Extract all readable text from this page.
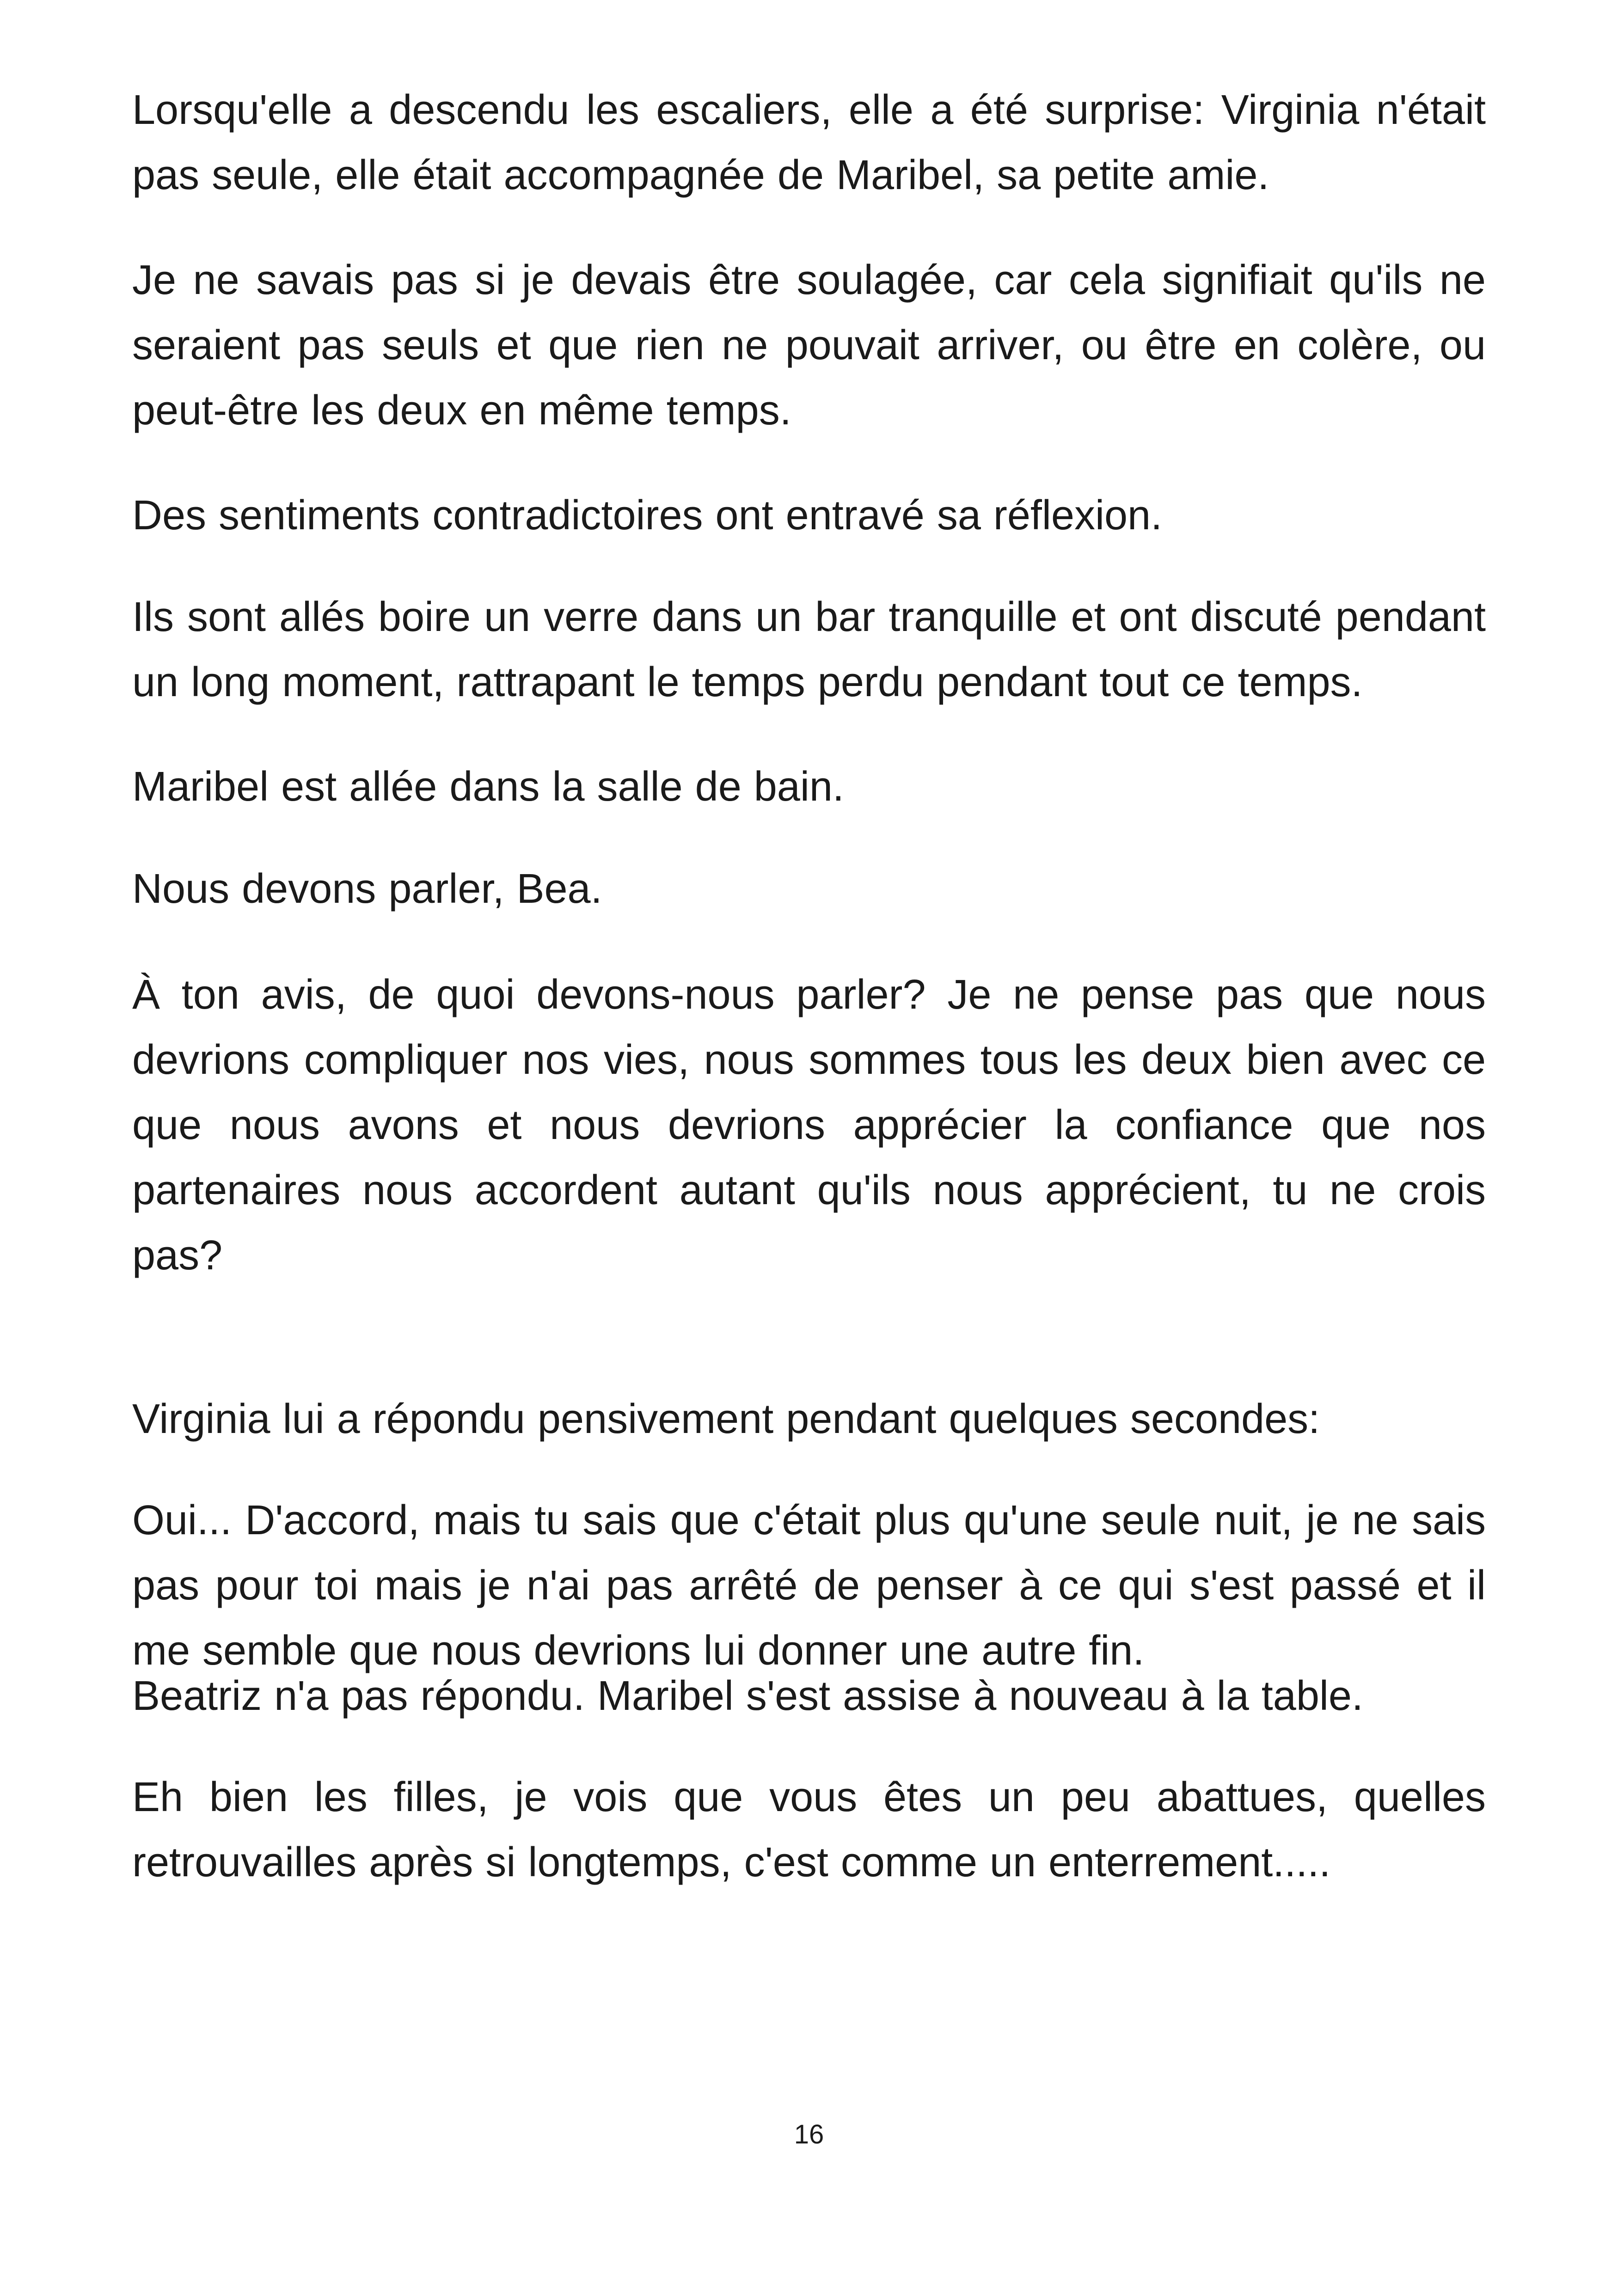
Lorsqu'elle a descendu les escaliers, elle a été surprise: Virginia n'était pas seule, elle était accompagnée de Maribel, sa petite amie.

Je ne savais pas si je devais être soulagée, car cela signifiait qu'ils ne seraient pas seuls et que rien ne pouvait arriver, ou être en colère, ou peut-être les deux en même temps.

Des sentiments contradictoires ont entravé sa réflexion.

Ils sont allés boire un verre dans un bar tranquille et ont discuté pendant un long moment, rattrapant le temps perdu pendant tout ce temps.

Maribel est allée dans la salle de bain.

Nous devons parler, Bea.

À ton avis, de quoi devons-nous parler? Je ne pense pas que nous devrions compliquer nos vies, nous sommes tous les deux bien avec ce que nous avons et nous devrions apprécier la confiance que nos partenaires nous accordent autant qu'ils nous apprécient, tu ne crois pas?

Virginia lui a répondu pensivement pendant quelques secondes:

Oui... D'accord, mais tu sais que c'était plus qu'une seule nuit, je ne sais pas pour toi mais je n'ai pas arrêté de penser à ce qui s'est passé et il me semble que nous devrions lui donner une autre fin.

Beatriz n'a pas répondu. Maribel s'est assise à nouveau à la table.

Eh bien les filles, je vois que vous êtes un peu abattues, quelles retrouvailles après si longtemps, c'est comme un enterrement.....

16
